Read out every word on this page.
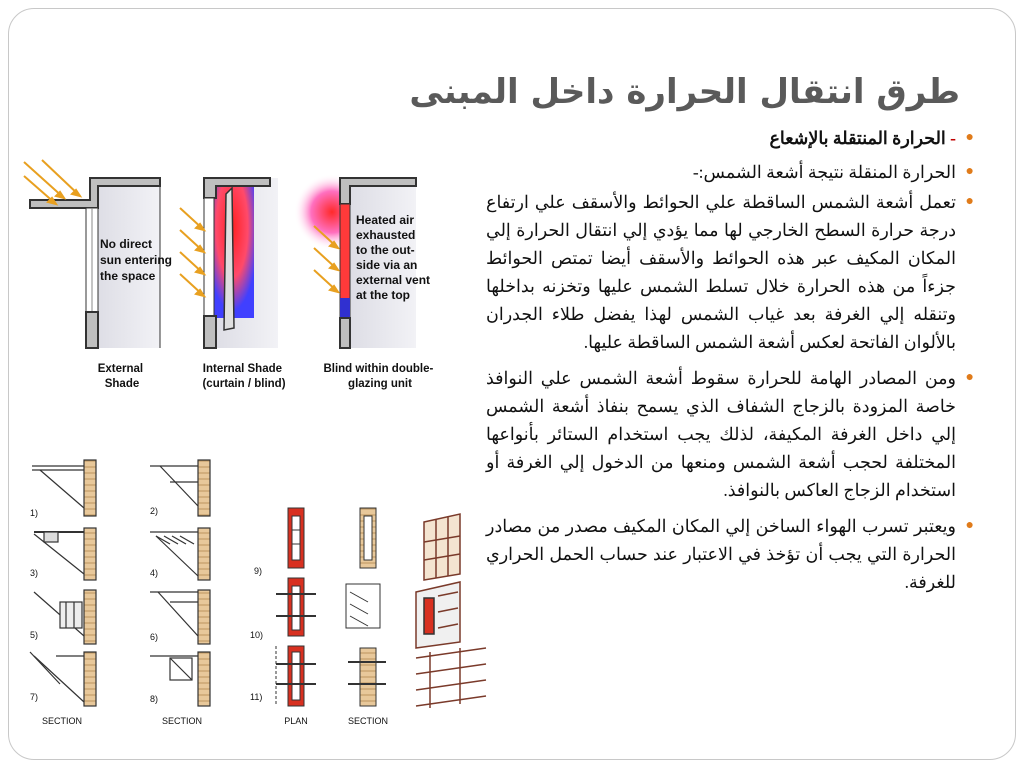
طرق انتقال الحرارة داخل المبنى
●
- الحرارة المنتقلة بالإشعاع
●
الحرارة المنقلة نتيجة أشعة الشمس:-
●
تعمل أشعة الشمس الساقطة علي الحوائط والأسقف علي ارتفاع درجة حرارة السطح الخارجي لها مما يؤدي إلي انتقال الحرارة إلي المكان المكيف عبر هذه الحوائط والأسقف أيضا تمتص الحوائط جزءاً من هذه الحرارة خلال تسلط الشمس عليها وتخزنه بداخلها وتنقله إلي الغرفة بعد غياب الشمس لهذا يفضل طلاء الجدران بالألوان الفاتحة لعكس أشعة الشمس الساقطة عليها.
●
ومن المصادر الهامة للحرارة سقوط أشعة الشمس علي النوافذ خاصة المزودة بالزجاج الشفاف الذي يسمح بنفاذ أشعة الشمس إلي داخل الغرفة المكيفة، لذلك يجب استخدام الستائر بأنواعها المختلفة لحجب أشعة الشمس ومنعها من الدخول إلي الغرفة أو استخدام الزجاج العاكس بالنوافذ.
●
ويعتبر تسرب الهواء الساخن إلي المكان المكيف مصدر من مصادر الحرارة التي يجب أن تؤخذ في الاعتبار عند حساب الحمل الحراري للغرفة.
No direct sun entering the space
Heated air exhausted to the out- side via an external vent at the top
External Shade
Internal Shade (curtain / blind)
Blind within double- glazing unit
1)	2)
3)	4)
5)	6)
7)	8)
9)
10)
11)
SECTION	SECTION	PLAN	SECTION
